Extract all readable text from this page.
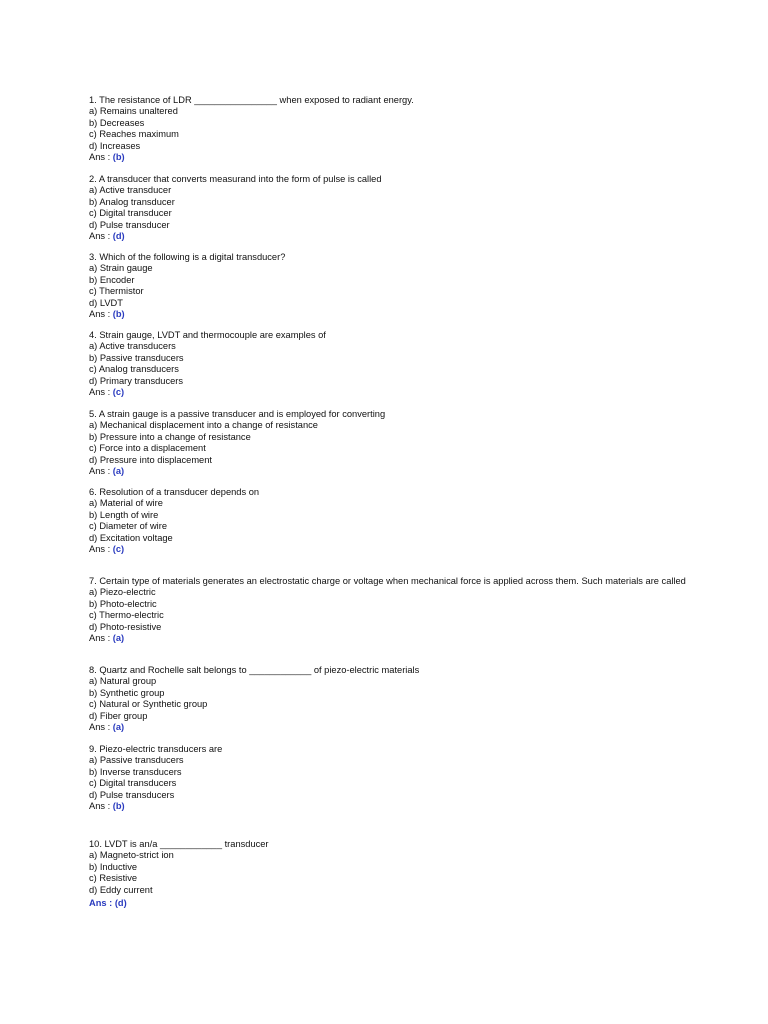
1. The resistance of LDR ________________ when exposed to radiant energy.
a) Remains unaltered
b) Decreases
c) Reaches maximum
d) Increases
Ans : (b)
2. A transducer that converts measurand into the form of pulse is called
a) Active transducer
b) Analog transducer
c) Digital transducer
d) Pulse transducer
Ans : (d)
3. Which of the following is a digital transducer?
a) Strain gauge
b) Encoder
c) Thermistor
d) LVDT
Ans : (b)
4. Strain gauge, LVDT and thermocouple are examples of
a) Active transducers
b) Passive transducers
c) Analog transducers
d) Primary transducers
Ans : (c)
5. A strain gauge is a passive transducer and is employed for converting
a) Mechanical displacement into a change of resistance
b) Pressure into a change of resistance
c) Force into a displacement
d) Pressure into displacement
Ans : (a)
6. Resolution of a transducer depends on
a) Material of wire
b) Length of wire
c) Diameter of wire
d) Excitation voltage
Ans : (c)
7. Certain type of materials generates an electrostatic charge or voltage when mechanical force is applied across them. Such materials are called
a) Piezo-electric
b) Photo-electric
c) Thermo-electric
d) Photo-resistive
Ans : (a)
8. Quartz and Rochelle salt belongs to ____________ of piezo-electric materials
a) Natural group
b) Synthetic group
c) Natural or Synthetic group
d) Fiber group
Ans : (a)
9. Piezo-electric transducers are
a) Passive transducers
b) Inverse transducers
c) Digital transducers
d) Pulse transducers
Ans : (b)
10. LVDT is an/a ____________ transducer
a) Magneto-strict ion
b) Inductive
c) Resistive
d) Eddy current
Ans : (d)
